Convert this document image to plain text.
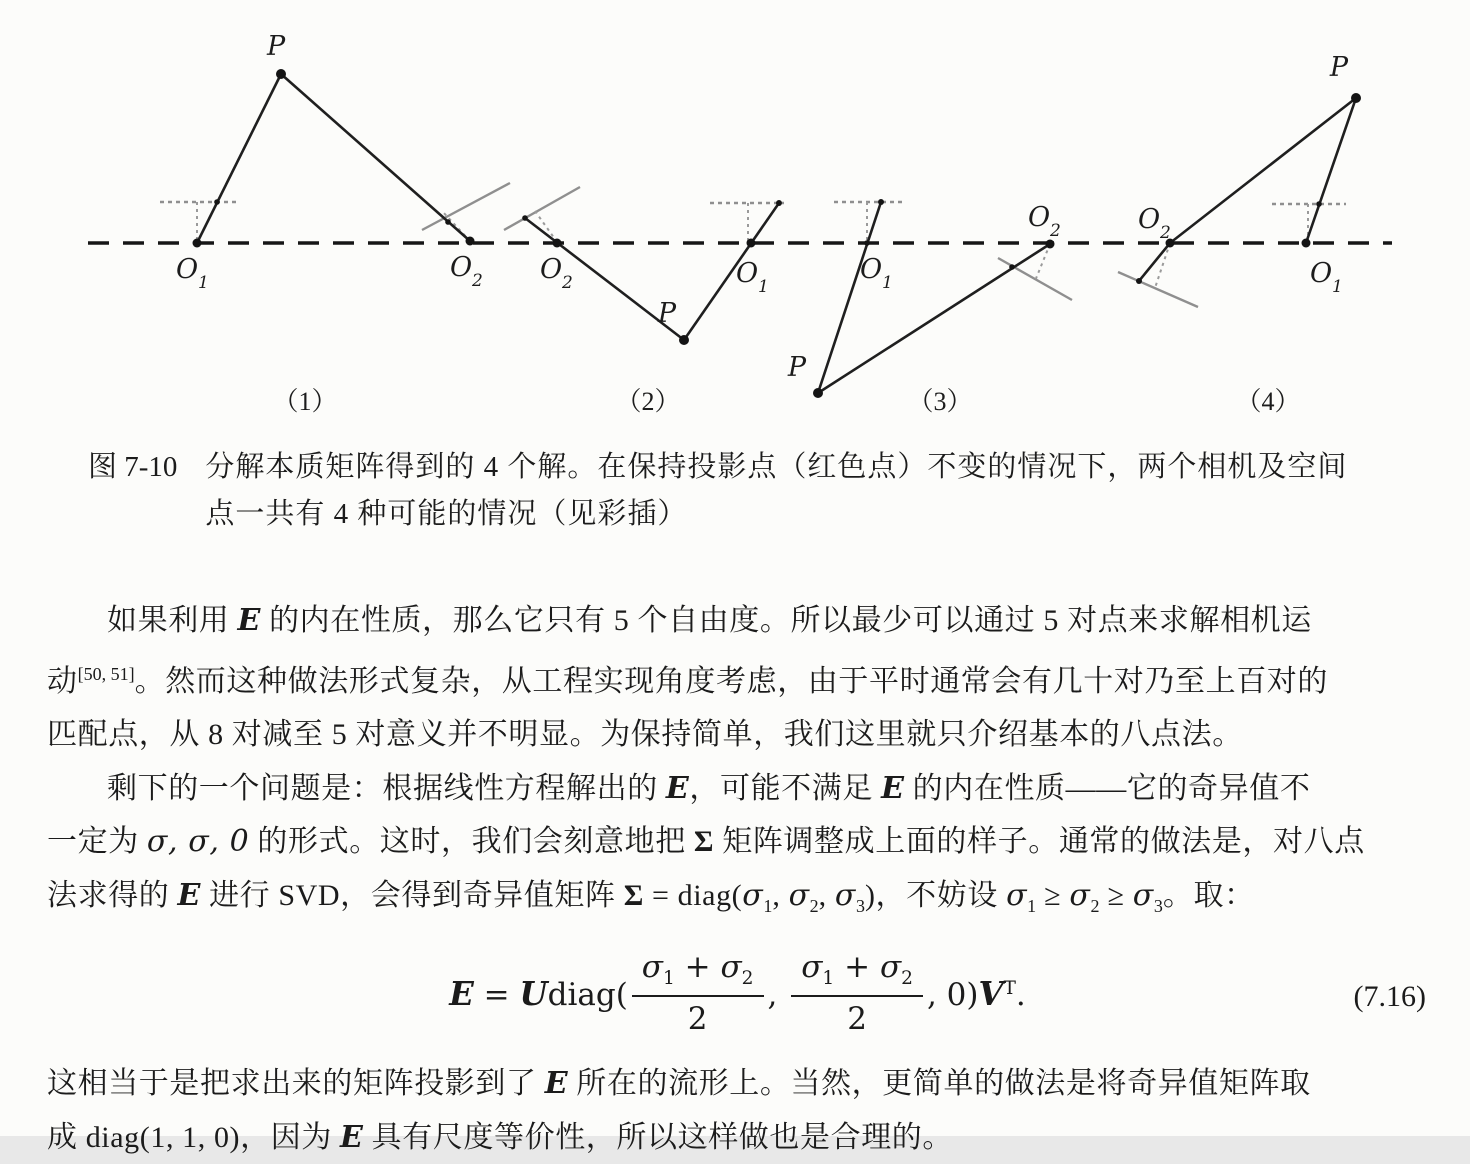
P
O 1	O 2
（1）
P
O 2	O 1
（2）
P
O 1
O 2
（3）
P
O 2
O 1
（4）
图 7-10 分解本质矩阵得到的 4 个解。在保持投影点（红色点）不变的情况下，两个相机及空间
点一共有 4 种可能的情况（见彩插）
如果利用 E 的内在性质，那么它只有 5 个自由度。所以最少可以通过 5 对点来求解相机运
动[50, 51]。然而这种做法形式复杂，从工程实现角度考虑，由于平时通常会有几十对乃至上百对的
匹配点，从 8 对减至 5 对意义并不明显。为保持简单，我们这里就只介绍基本的八点法。
剩下的一个问题是：根据线性方程解出的 E，可能不满足 E 的内在性质——它的奇异值不
一定为 σ, σ, 0 的形式。这时，我们会刻意地把 Σ 矩阵调整成上面的样子。通常的做法是，对八点
法求得的 E 进行 SVD，会得到奇异值矩阵 $\Sigma = diag(\sigma_1$, $\sigma_2$, $\sigma_3$)，不妨设 $\sigma_1 \ge \sigma_2 \ge \sigma_3$。取：
E = Udiag( $\frac{\sigma_1 + \sigma_2}{2}$ , $\frac{\sigma_1 + \sigma_2}{2}$ , $0)V^T$.	(7.16)
这相当于是把求出来的矩阵投影到了 E 所在的流形上。当然，更简单的做法是将奇异值矩阵取
成 diag(1, 1, 0)，因为 E 具有尺度等价性，所以这样做也是合理的。
